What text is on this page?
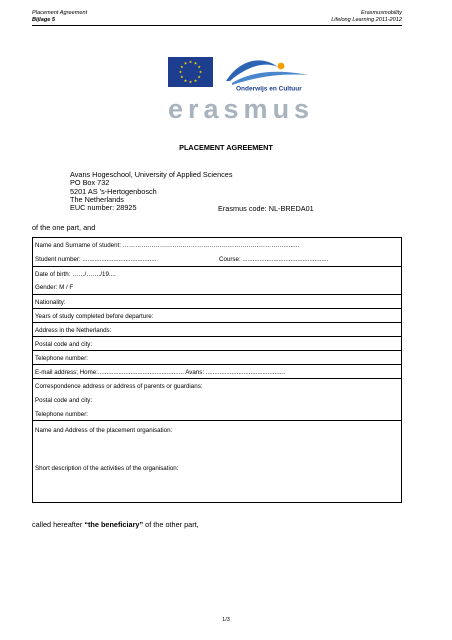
Placement Agreement
Bijlage 5
Erasmusmobility
Lifelong Learning 2011-2012
Onderwijs en Cultuur
erasmus
PLACEMENT AGREEMENT
Avans Hogeschool, University of Applied Sciences
PO Box 732
5201 AS ’s-Hertogenbosch
The Netherlands
EUC number: 28925	Erasmus code: NL-BREDA01
of the one part, and
Name and Surname of student: …………………………………………………………………….........
Student number: ...........................................	Course: ..................................................
Date of birth: ……/……./19....
Gender: M / F
Nationality:
Years of study completed before departure:
Address in the Netherlands:
Postal code and city:
Telephone number:
E-mail address; Home:.................................................. Avans: ..............................................
Correspondence address or address of parents or guardians:
Postal code and city:
Telephone number:
Name and Address of the placement organisation:
Short description of the activities of the organisation:
called hereafter “the beneficiary” of the other part,
1/3
